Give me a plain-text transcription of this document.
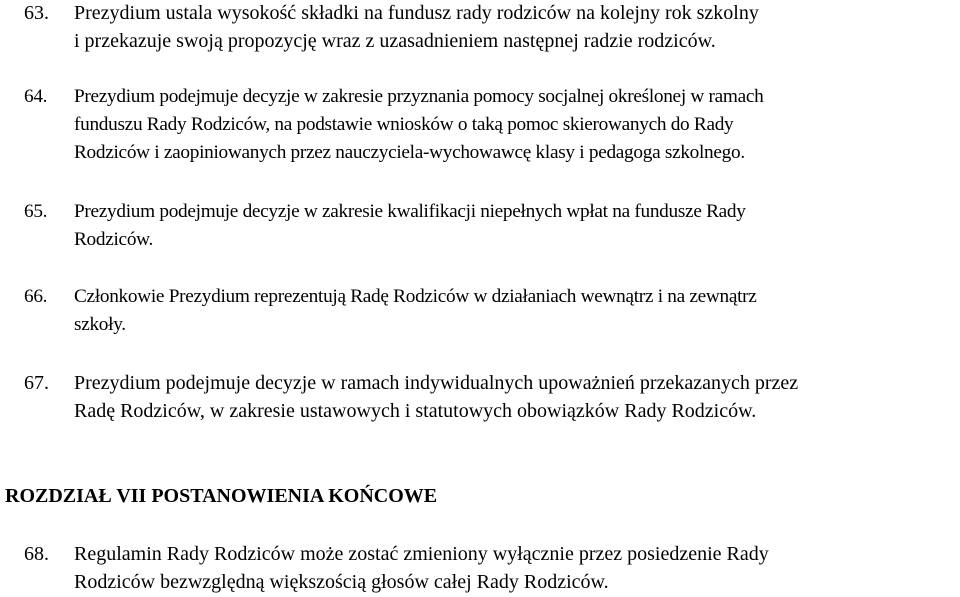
63. Prezydium ustala wysokość składki na fundusz rady rodziców na kolejny rok szkolny
i przekazuje swoją propozycję wraz z uzasadnieniem następnej radzie rodziców.
64. Prezydium podejmuje decyzje w zakresie przyznania pomocy socjalnej określonej w ramach
funduszu Rady Rodziców, na podstawie wniosków o taką pomoc skierowanych do Rady
Rodziców i zaopiniowanych przez nauczyciela-wychowawcę klasy i pedagoga szkolnego.
65. Prezydium podejmuje decyzje w zakresie kwalifikacji niepełnych wpłat na fundusze Rady
Rodziców.
66. Członkowie Prezydium reprezentują Radę Rodziców w działaniach wewnątrz i na zewnątrz
szkoły.
67. Prezydium podejmuje decyzje w ramach indywidualnych upoważnień przekazanych przez
Radę Rodziców, w zakresie ustawowych i statutowych obowiązków Rady Rodziców.
ROZDZIAŁ VII POSTANOWIENIA KOŃCOWE
68. Regulamin Rady Rodziców może zostać zmieniony wyłącznie przez posiedzenie Rady
Rodziców bezwzględną większością głosów całej Rady Rodziców.
